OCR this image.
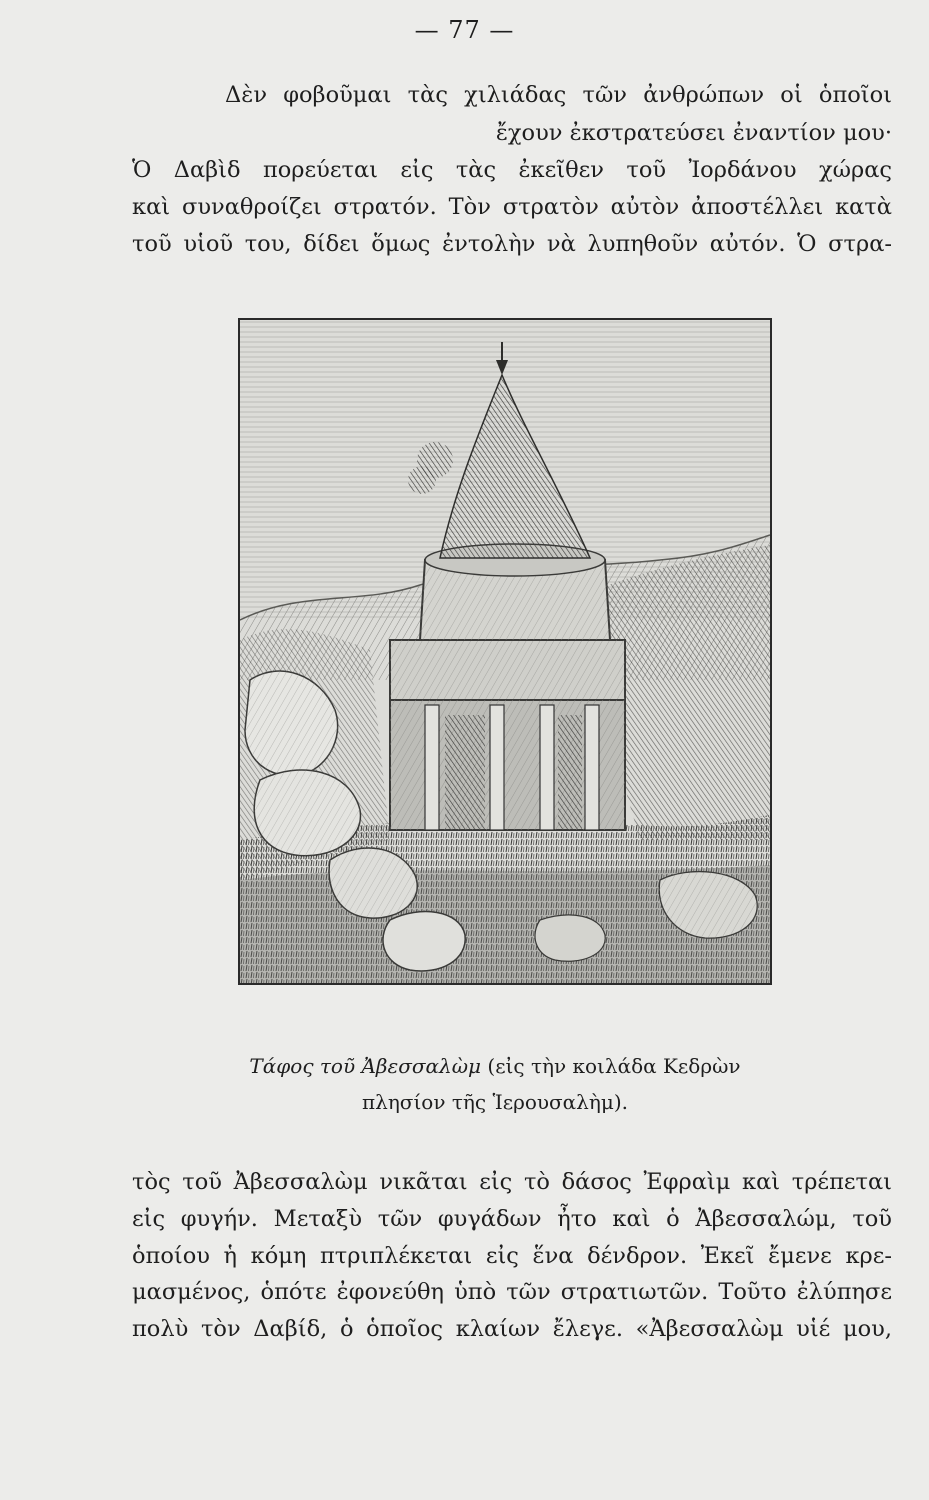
— 77 —
Δὲν φοβοῦμαι τὰς χιλιάδας τῶν ἀνθρώπων οἱ ὁποῖοι
ἔχουν ἐκστρατεύσει ἐναντίον μου·
Ὁ Δαβὶδ πορεύεται εἰς τὰς ἐκεῖθεν τοῦ Ἰορδάνου χώρας
καὶ συναθροίζει στρατόν. Τὸν στρατὸν αὐτὸν ἀποστέλλει κατὰ
τοῦ υἱοῦ του, δίδει ὅμως ἐντολὴν νὰ λυπηθοῦν αὐτόν. Ὁ στρα-
Τάφος τοῦ Ἀβεσσαλὼμ (εἰς τὴν κοιλάδα Κεδρὼν
πλησίον τῆς Ἱερουσαλὴμ).
τὸς τοῦ Ἀβεσσαλὼμ νικᾶται εἰς τὸ δάσος Ἐφραὶμ καὶ τρέπεται
εἰς φυγήν. Μεταξὺ τῶν φυγάδων ἦτο καὶ ὁ Ἀβεσσαλώμ, τοῦ
ὁποίου ἡ κόμη πτριπλέκεται εἰς ἕνα δένδρον. Ἐκεῖ ἔμενε κρε-
μασμένος, ὁπότε ἐφονεύθη ὑπὸ τῶν στρατιωτῶν. Τοῦτο ἐλύπησε
πολὺ τὸν Δαβίδ, ὁ ὁποῖος κλαίων ἔλεγε. «Ἀβεσσαλὼμ υἱέ μου,
